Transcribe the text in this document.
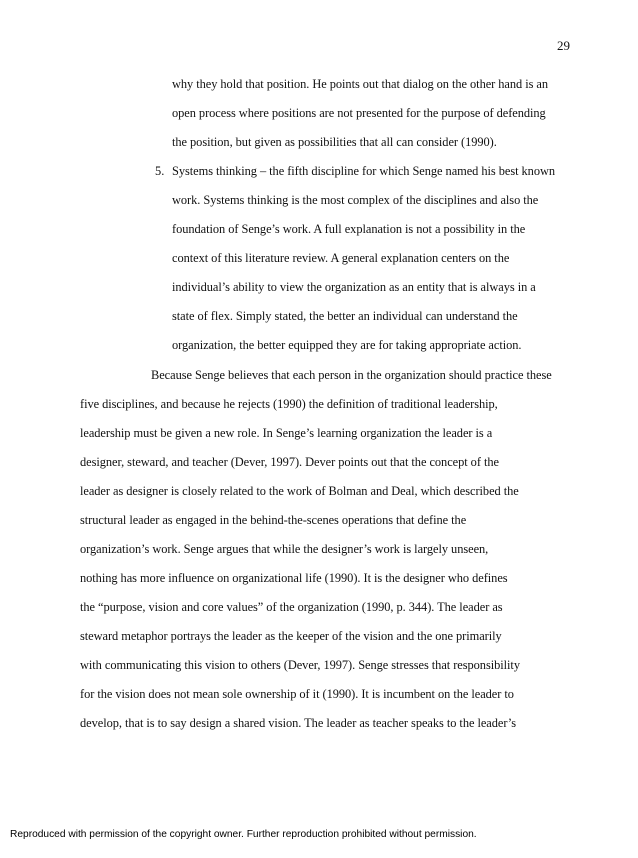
29
why they hold that position. He points out that dialog on the other hand is an
open process where positions are not presented for the purpose of defending
the position, but given as possibilities that all can consider (1990).
5. Systems thinking – the fifth discipline for which Senge named his best known
work. Systems thinking is the most complex of the disciplines and also the
foundation of Senge’s work. A full explanation is not a possibility in the
context of this literature review. A general explanation centers on the
individual’s ability to view the organization as an entity that is always in a
state of flex. Simply stated, the better an individual can understand the
organization, the better equipped they are for taking appropriate action.
Because Senge believes that each person in the organization should practice these
five disciplines, and because he rejects (1990) the definition of traditional leadership,
leadership must be given a new role. In Senge’s learning organization the leader is a
designer, steward, and teacher (Dever, 1997). Dever points out that the concept of the
leader as designer is closely related to the work of Bolman and Deal, which described the
structural leader as engaged in the behind-the-scenes operations that define the
organization’s work. Senge argues that while the designer’s work is largely unseen,
nothing has more influence on organizational life (1990). It is the designer who defines
the “purpose, vision and core values” of the organization (1990, p. 344). The leader as
steward metaphor portrays the leader as the keeper of the vision and the one primarily
with communicating this vision to others (Dever, 1997). Senge stresses that responsibility
for the vision does not mean sole ownership of it (1990). It is incumbent on the leader to
develop, that is to say design a shared vision. The leader as teacher speaks to the leader’s
Reproduced with permission of the copyright owner. Further reproduction prohibited without permission.
